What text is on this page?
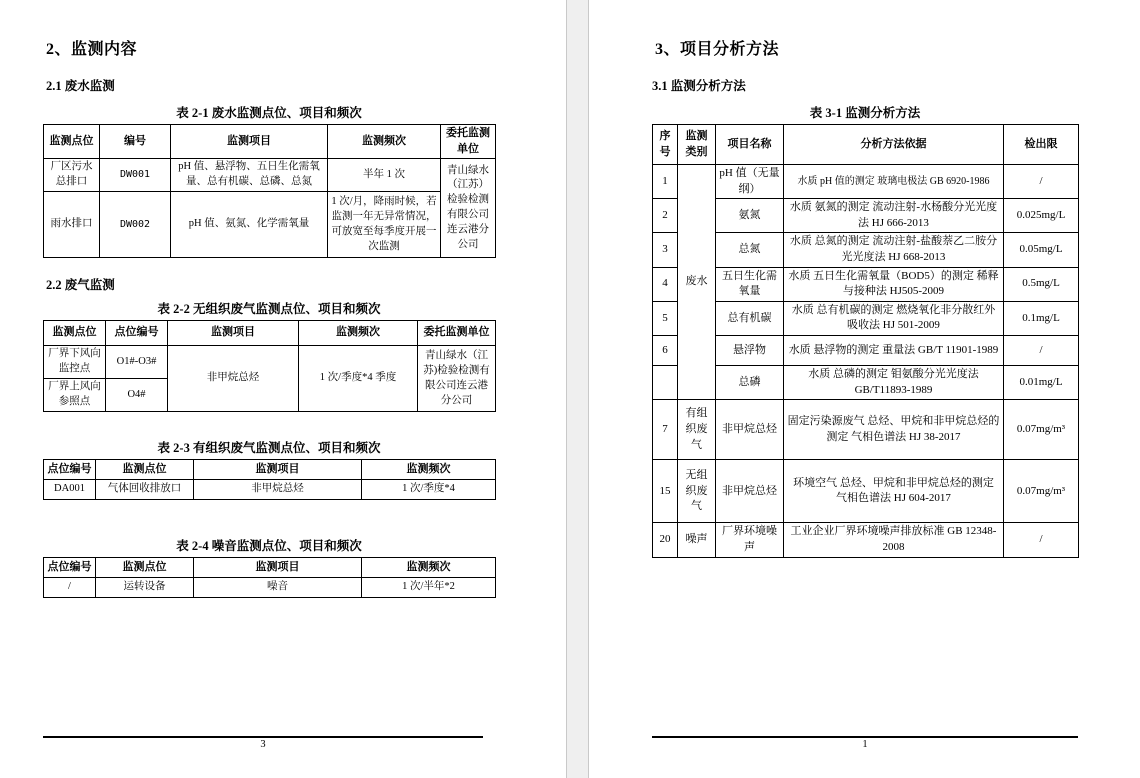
2、监测内容
2.1 废水监测
表 2-1 废水监测点位、项目和频次
监测点位	编号	监测项目	监测频次	委托监测单位
厂区污水总排口	DW001	pH 值、悬浮物、五日生化需氧量、总有机碳、总磷、总氮	半年 1 次	青山绿水（江苏）检验检测有限公司连云港分公司
雨水排口	DW002	pH 值、氨氮、化学需氧量	1 次/月，降雨时候，若监测一年无异常情况，可放宽至每季度开展一次监测	
2.2 废气监测
表 2-2 无组织废气监测点位、项目和频次
监测点位	点位编号	监测项目	监测频次	委托监测单位
厂界下风向监控点	O1#-O3#	非甲烷总烃	1 次/季度*4 季度	青山绿水（江苏)检验检测有限公司连云港分公司
厂界上风向参照点	O4#			
表 2-3 有组织废气监测点位、项目和频次
点位编号	监测点位	监测项目	监测频次
DA001	气体回收排放口	非甲烷总烃	1 次/季度*4
表 2-4 噪音监测点位、项目和频次
点位编号	监测点位	监测项目	监测频次
/	运转设备	噪音	1 次/半年*2
3
3、项目分析方法
3.1 监测分析方法
表 3-1 监测分析方法
序号	监测类别	项目名称	分析方法依据	检出限
1	废水	pH 值（无量纲）	水质 pH 值的测定 玻璃电极法 GB 6920-1986	/
2		氨氮	水质 氨氮的测定 流动注射-水杨酸分光光度法 HJ 666-2013	0.025mg/L
3		总氮	水质 总氮的测定 流动注射-盐酸萘乙二胺分光光度法 HJ 668-2013	0.05mg/L
4		五日生化需氧量	水质 五日生化需氧量（BOD5）的测定 稀释与接种法 HJ505-2009	0.5mg/L
5		总有机碳	水质 总有机碳的测定 燃烧氧化非分散红外吸收法 HJ 501-2009	0.1mg/L
6		悬浮物	水质 悬浮物的测定 重量法 GB/T 11901-1989	/
		总磷	水质 总磷的测定 钼氨酸分光光度法 GB/T11893-1989	0.01mg/L
7	有组织废气	非甲烷总烃	固定污染源废气 总烃、甲烷和非甲烷总烃的测定 气相色谱法 HJ 38-2017	0.07mg/m³
15	无组织废气	非甲烷总烃	环境空气 总烃、甲烷和非甲烷总烃的测定 气相色谱法 HJ 604-2017	0.07mg/m³
20	噪声	厂界环境噪声	工业企业厂界环境噪声排放标准 GB 12348-2008	/
1
